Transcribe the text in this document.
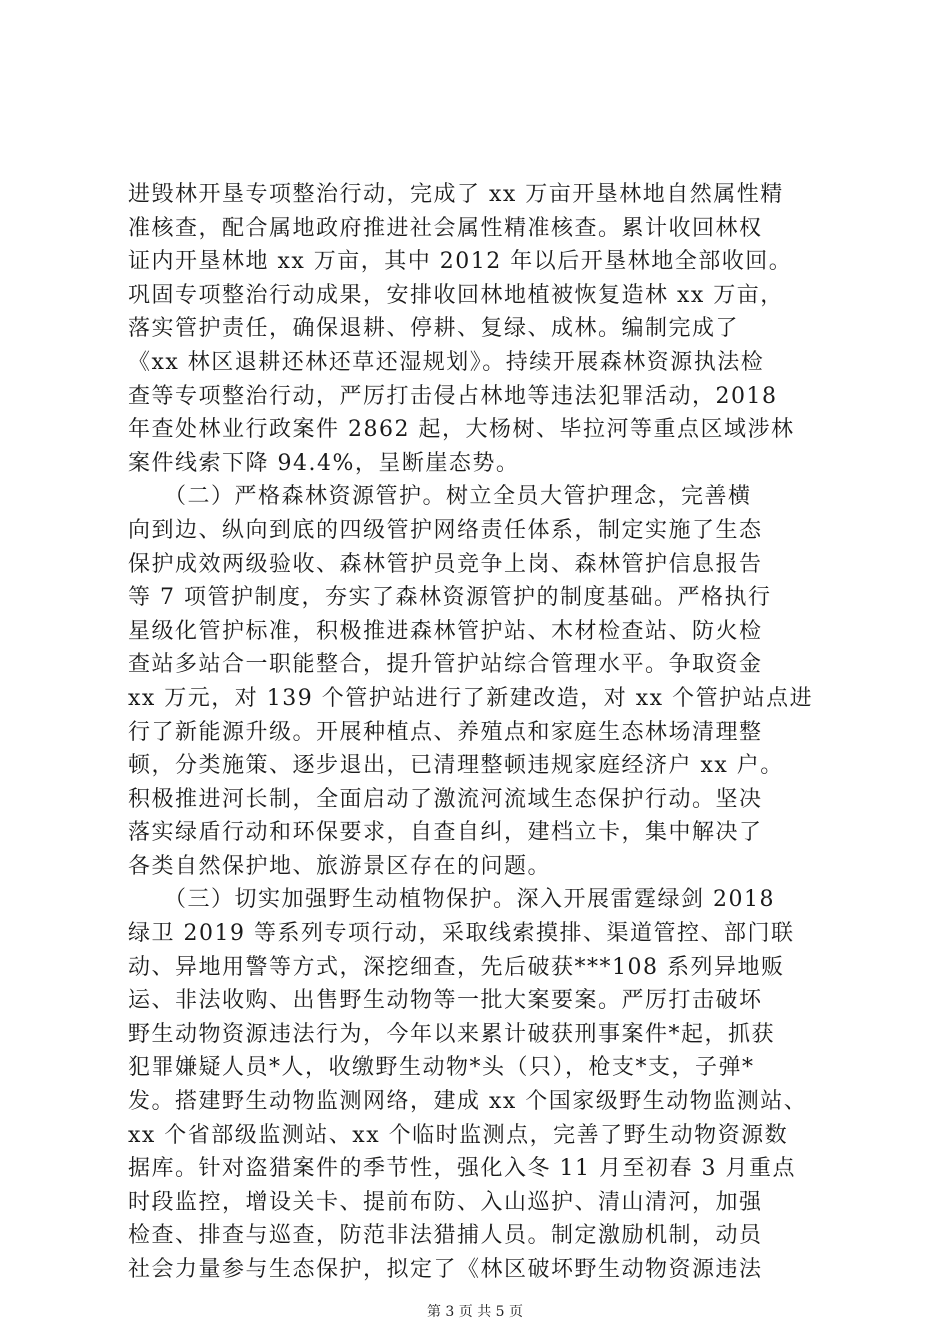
进毁林开垦专项整治行动，完成了 xx 万亩开垦林地自然属性精
准核查，配合属地政府推进社会属性精准核查。累计收回林权
证内开垦林地 xx 万亩，其中 2012 年以后开垦林地全部收回。
巩固专项整治行动成果，安排收回林地植被恢复造林 xx 万亩，
落实管护责任，确保退耕、停耕、复绿、成林。编制完成了
《xx 林区退耕还林还草还湿规划》。持续开展森林资源执法检
查等专项整治行动，严厉打击侵占林地等违法犯罪活动，2018
年查处林业行政案件 2862 起，大杨树、毕拉河等重点区域涉林
案件线索下降 94.4%，呈断崖态势。
　　（二）严格森林资源管护。树立全员大管护理念，完善横
向到边、纵向到底的四级管护网络责任体系，制定实施了生态
保护成效两级验收、森林管护员竞争上岗、森林管护信息报告
等 7 项管护制度，夯实了森林资源管护的制度基础。严格执行
星级化管护标准，积极推进森林管护站、木材检查站、防火检
查站多站合一职能整合，提升管护站综合管理水平。争取资金
xx 万元，对 139 个管护站进行了新建改造，对 xx 个管护站点进
行了新能源升级。开展种植点、养殖点和家庭生态林场清理整
顿，分类施策、逐步退出，已清理整顿违规家庭经济户 xx 户。
积极推进河长制，全面启动了激流河流域生态保护行动。坚决
落实绿盾行动和环保要求，自查自纠，建档立卡，集中解决了
各类自然保护地、旅游景区存在的问题。
　　（三）切实加强野生动植物保护。深入开展雷霆绿剑 2018
绿卫 2019 等系列专项行动，采取线索摸排、渠道管控、部门联
动、异地用警等方式，深挖细查，先后破获***108 系列异地贩
运、非法收购、出售野生动物等一批大案要案。严厉打击破坏
野生动物资源违法行为，今年以来累计破获刑事案件*起，抓获
犯罪嫌疑人员*人，收缴野生动物*头（只），枪支*支，子弹*
发。搭建野生动物监测网络，建成 xx 个国家级野生动物监测站、
xx 个省部级监测站、xx 个临时监测点，完善了野生动物资源数
据库。针对盗猎案件的季节性，强化入冬 11 月至初春 3 月重点
时段监控，增设关卡、提前布防、入山巡护、清山清河，加强
检查、排查与巡查，防范非法猎捕人员。制定激励机制，动员
社会力量参与生态保护，拟定了《林区破坏野生动物资源违法
第 3 页 共 5 页
